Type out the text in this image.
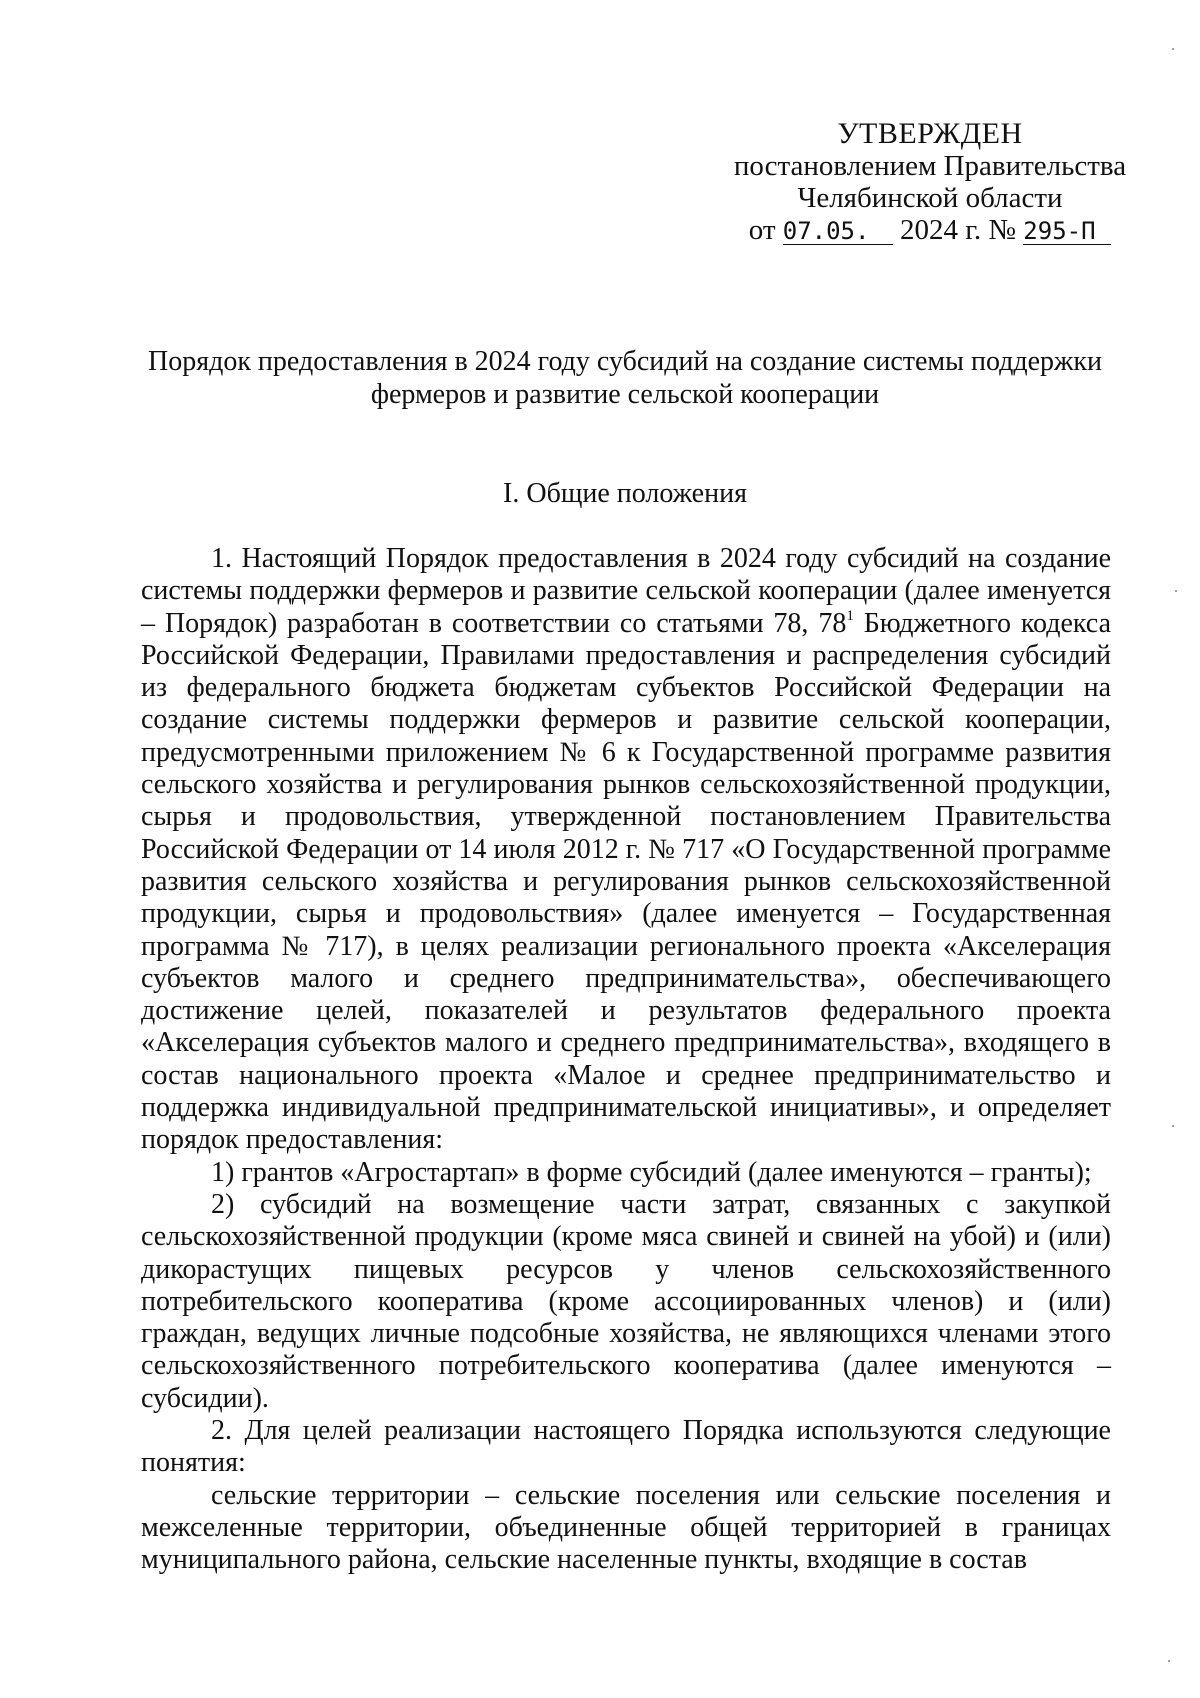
УТВЕРЖДЕН
постановлением Правительства
Челябинской области
от 07.05. 2024 г. № 295-П
Порядок предоставления в 2024 году субсидий на создание системы поддержки фермеров и развитие сельской кооперации
I. Общие положения

1. Настоящий Порядок предоставления в 2024 году субсидий на создание системы поддержки фермеров и развитие сельской кооперации (далее именуется – Порядок) разработан в соответствии со статьями 78, $78^1$ Бюджетного кодекса Российской Федерации, Правилами предоставления и распределения субсидий из федерального бюджета бюджетам субъектов Российской Федерации на создание системы поддержки фермеров и развитие сельской кооперации, предусмотренными приложением № 6 к Государственной программе развития сельского хозяйства и регулирования рынков сельскохозяйственной продукции, сырья и продовольствия, утвержденной постановлением Правительства Российской Федерации от 14 июля 2012 г. № 717 «О Государственной программе развития сельского хозяйства и регулирования рынков сельскохозяйственной продукции, сырья и продовольствия» (далее именуется – Государственная программа № 717), в целях реализации регионального проекта «Акселерация субъектов малого и среднего предпринимательства», обеспечивающего достижение целей, показателей и результатов федерального проекта «Акселерация субъектов малого и среднего предпринимательства», входящего в состав национального проекта «Малое и среднее предпринимательство и поддержка индивидуальной предпринимательской инициативы», и определяет порядок предоставления:

1) грантов «Агростартап» в форме субсидий (далее именуются – гранты);

2) субсидий на возмещение части затрат, связанных с закупкой сельскохозяйственной продукции (кроме мяса свиней и свиней на убой) и (или) дикорастущих пищевых ресурсов у членов сельскохозяйственного потребительского кооператива (кроме ассоциированных членов) и (или) граждан, ведущих личные подсобные хозяйства, не являющихся членами этого сельскохозяйственного потребительского кооператива (далее именуются – субсидии).

2. Для целей реализации настоящего Порядка используются следующие понятия:

сельские территории – сельские поселения или сельские поселения и межселенные территории, объединенные общей территорией в границах муниципального района, сельские населенные пункты, входящие в состав
